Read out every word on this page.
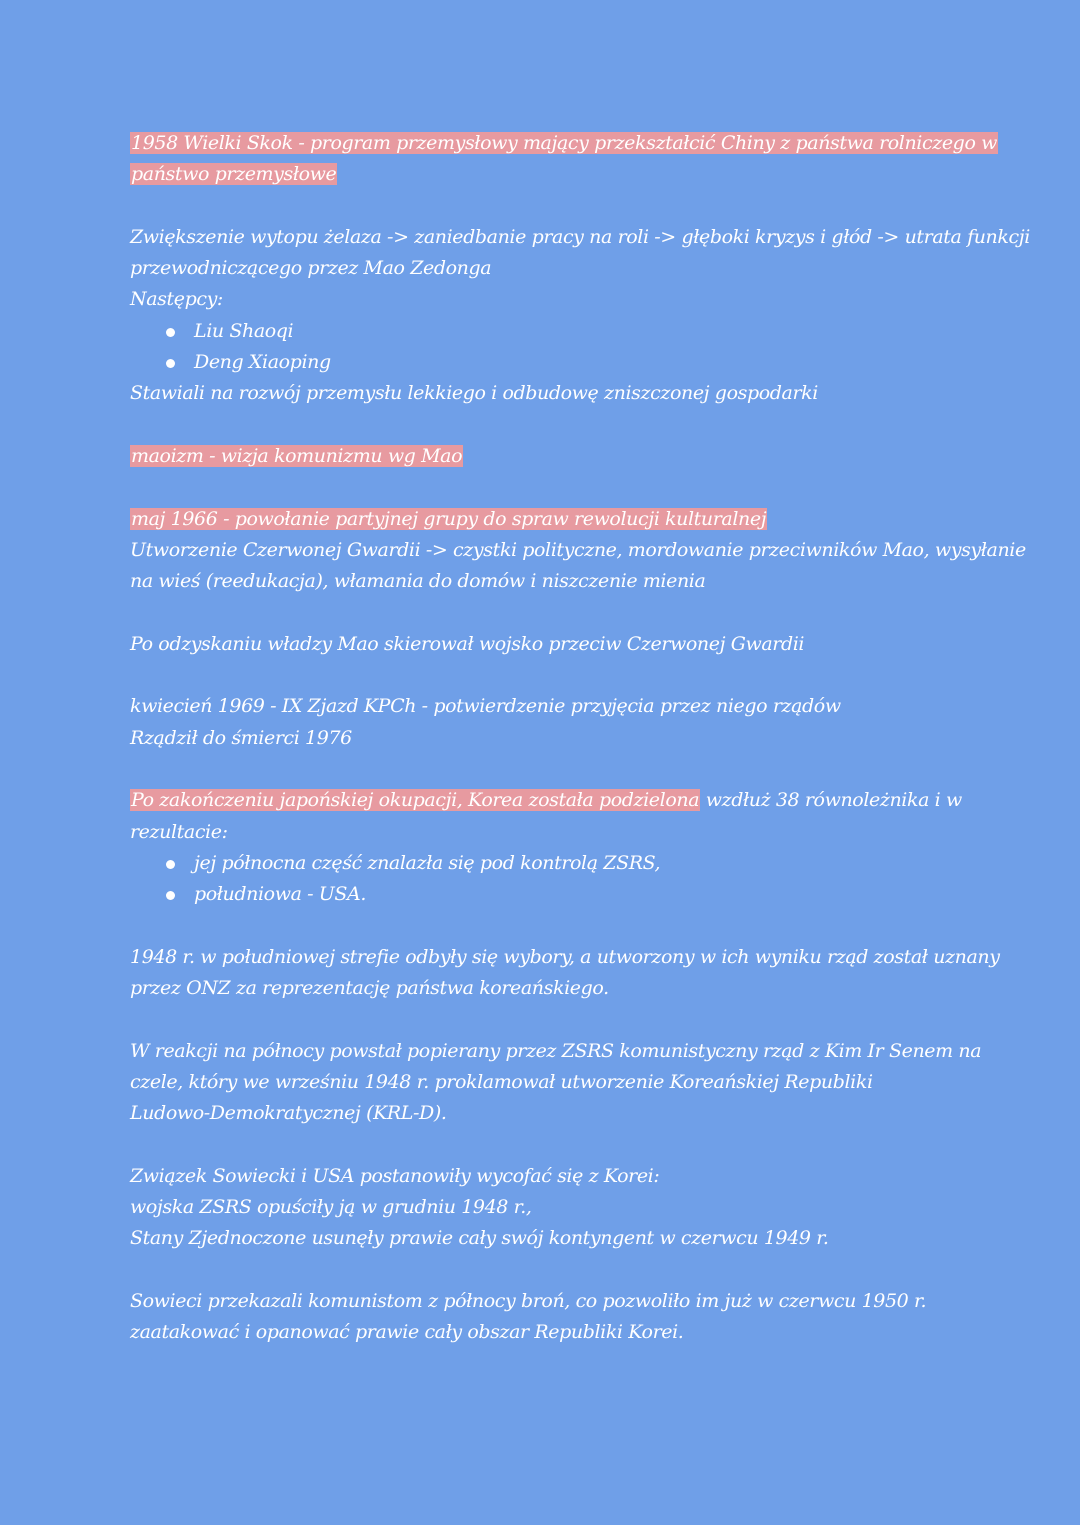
1958 Wielki Skok - program przemysłowy mający przekształcić Chiny z państwa rolniczego w
państwo przemysłowe
Zwiększenie wytopu żelaza -> zaniedbanie pracy na roli -> głęboki kryzys i głód -> utrata funkcji
przewodniczącego przez Mao Zedonga
Następcy:
Liu Shaoqi
Deng Xiaoping
Stawiali na rozwój przemysłu lekkiego i odbudowę zniszczonej gospodarki
maoizm - wizja komunizmu wg Mao
maj 1966 - powołanie partyjnej grupy do spraw rewolucji kulturalnej
Utworzenie Czerwonej Gwardii -> czystki polityczne, mordowanie przeciwników Mao, wysyłanie
na wieś (reedukacja), włamania do domów i niszczenie mienia
Po odzyskaniu władzy Mao skierował wojsko przeciw Czerwonej Gwardii
kwiecień 1969 - IX Zjazd KPCh - potwierdzenie przyjęcia przez niego rządów
Rządził do śmierci 1976
Po zakończeniu japońskiej okupacji, Korea została podzielona wzdłuż 38 równoleżnika i w
rezultacie:
jej północna część znalazła się pod kontrolą ZSRS,
południowa - USA.
1948 r. w południowej strefie odbyły się wybory, a utworzony w ich wyniku rząd został uznany
przez ONZ za reprezentację państwa koreańskiego.
W reakcji na północy powstał popierany przez ZSRS komunistyczny rząd z Kim Ir Senem na
czele, który we wrześniu 1948 r. proklamował utworzenie Koreańskiej Republiki
Ludowo-Demokratycznej (KRL-D).
Związek Sowiecki i USA postanowiły wycofać się z Korei:
wojska ZSRS opuściły ją w grudniu 1948 r.,
Stany Zjednoczone usunęły prawie cały swój kontyngent w czerwcu 1949 r.
Sowieci przekazali komunistom z północy broń, co pozwoliło im już w czerwcu 1950 r.
zaatakować i opanować prawie cały obszar Republiki Korei.
